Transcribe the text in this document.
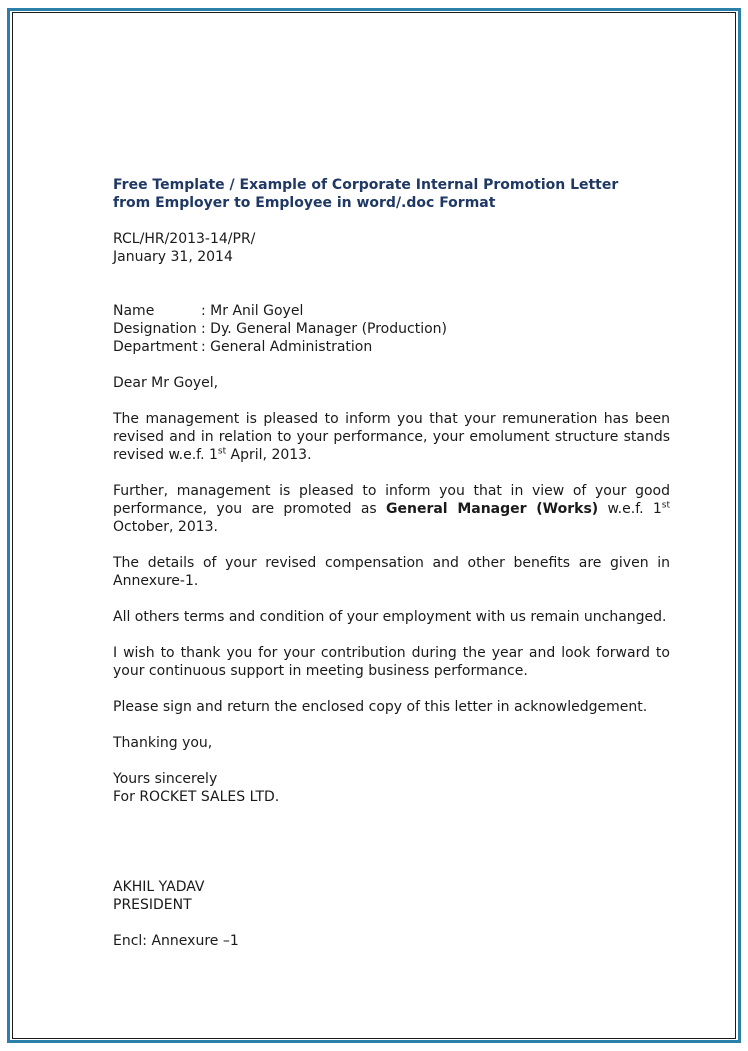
Free Template / Example of Corporate Internal Promotion Letter

from Employer to Employee in word/.doc Format

RCL/HR/2013-14/PR/

January 31, 2014

Name	: Mr Anil Goyel

Designation : Dy. General Manager (Production)

Department : General Administration

Dear Mr Goyel,

The management is pleased to inform you that your remuneration has been revised and in relation to your performance, your emolument structure stands revised w.e.f. 1st April, 2013.

Further, management is pleased to inform you that in view of your good performance, you are promoted as General Manager (Works) w.e.f. 1st October, 2013.

The details of your revised compensation and other benefits are given in Annexure-1.

All others terms and condition of your employment with us remain unchanged.

I wish to thank you for your contribution during the year and look forward to your continuous support in meeting business performance.

Please sign and return the enclosed copy of this letter in acknowledgement.

Thanking you,

Yours sincerely

For ROCKET SALES LTD.

AKHIL YADAV

PRESIDENT

Encl: Annexure –1
